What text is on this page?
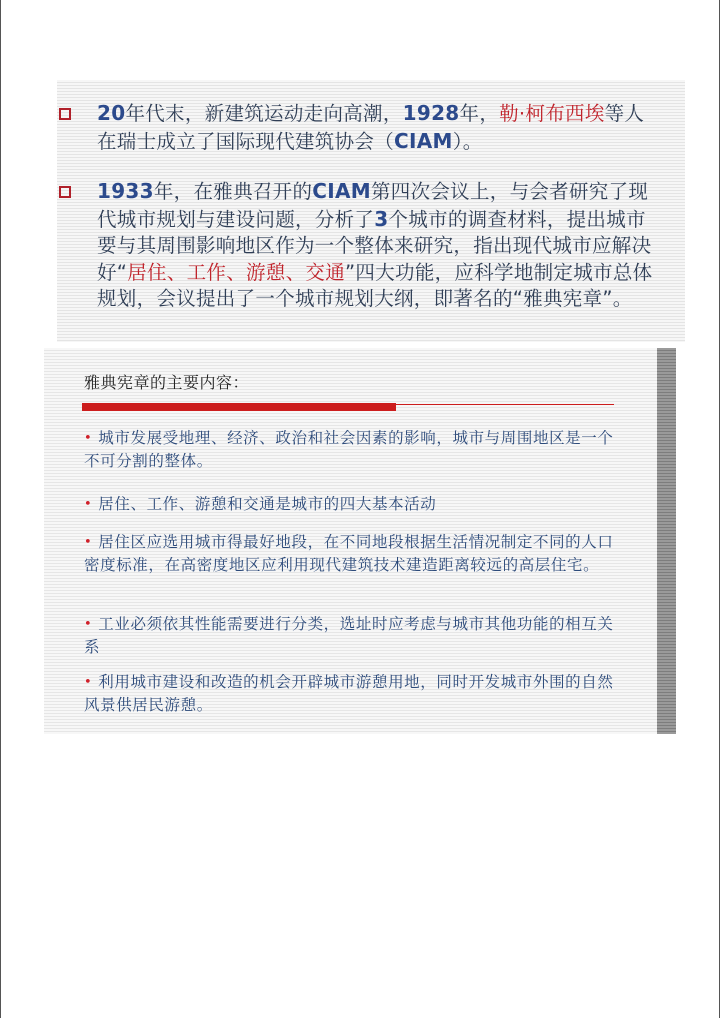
20年代末，新建筑运动走向高潮，1928年，勒·柯布西埃等人在瑞士成立了国际现代建筑协会（CIAM）。

1933年，在雅典召开的CIAM第四次会议上，与会者研究了现代城市规划与建设问题，分析了3个城市的调查材料，提出城市要与其周围影响地区作为一个整体来研究，指出现代城市应解决好“居住、工作、游憩、交通”四大功能，应科学地制定城市总体规划，会议提出了一个城市规划大纲，即著名的“雅典宪章”。

雅典宪章的主要内容：
• 城市发展受地理、经济、政治和社会因素的影响，城市与周围地区是一个不可分割的整体。
• 居住、工作、游憩和交通是城市的四大基本活动
• 居住区应选用城市得最好地段，在不同地段根据生活情况制定不同的人口密度标准，在高密度地区应利用现代建筑技术建造距离较远的高层住宅。
• 工业必须依其性能需要进行分类，选址时应考虑与城市其他功能的相互关系
• 利用城市建设和改造的机会开辟城市游憩用地，同时开发城市外围的自然风景供居民游憩。
